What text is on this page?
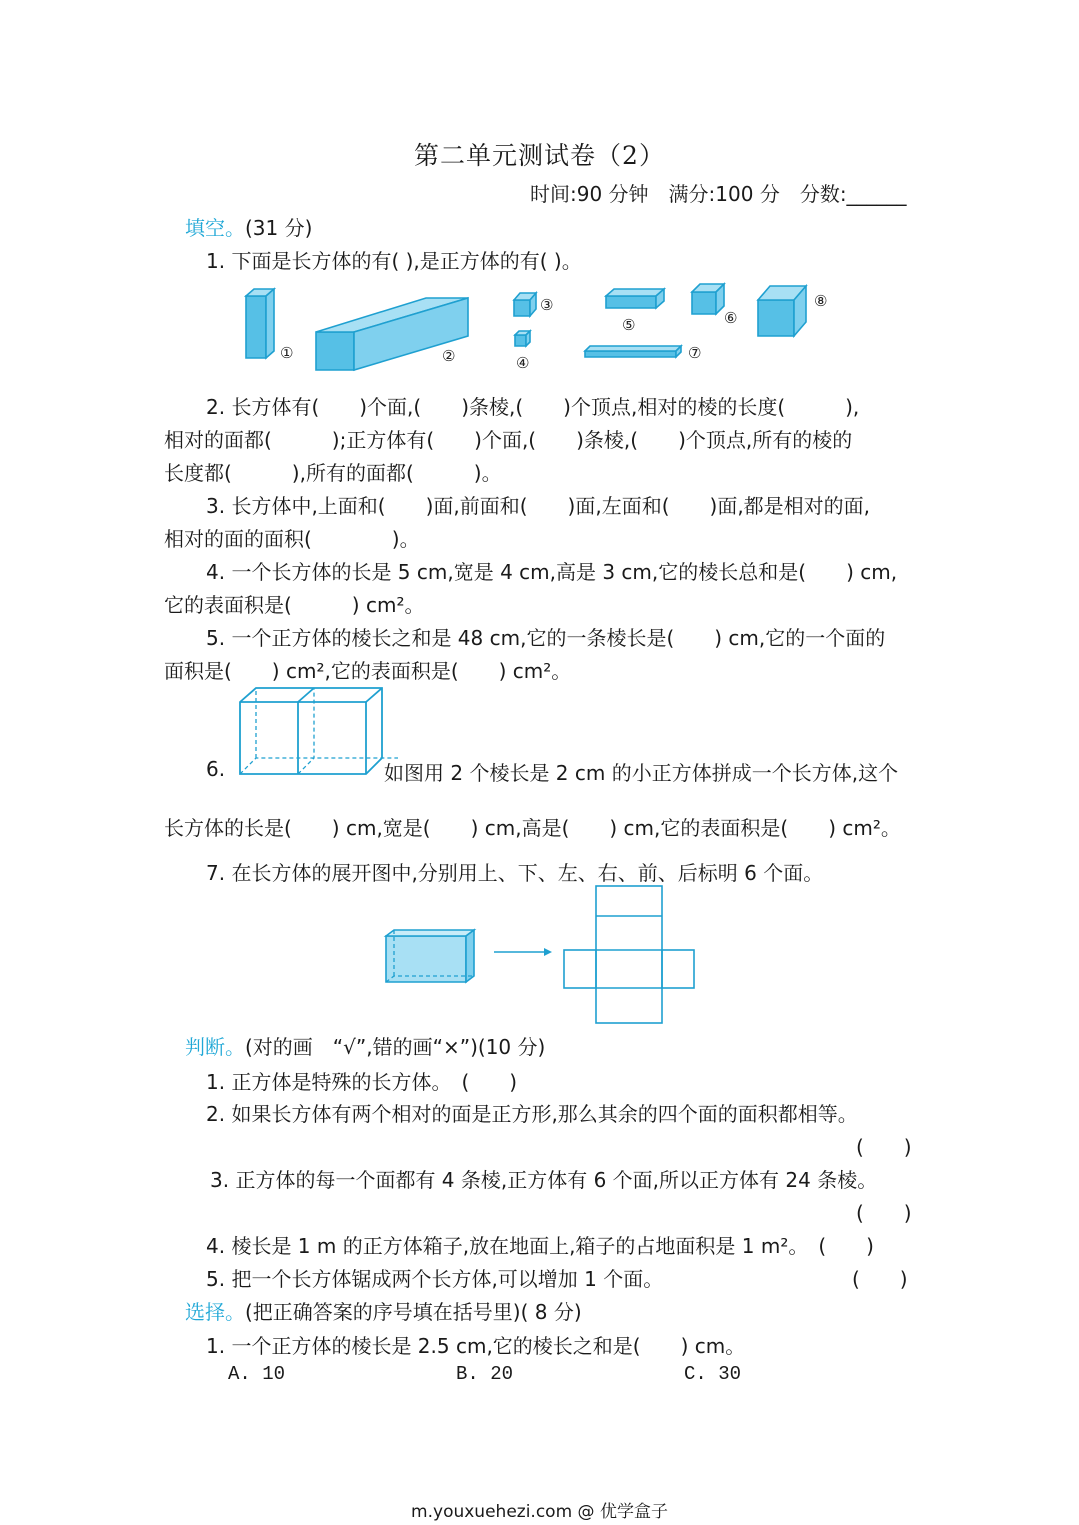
第二单元测试卷（2）
时间:90 分钟　满分:100 分　分数:______
填空。(31 分)
1. 下面是长方体的有( ),是正方体的有( )。
①	②
③
④
⑤	⑥
⑦
⑧
2. 长方体有(　　)个面,(　　)条棱,(　　)个顶点,相对的棱的长度(　　　),
相对的面都(　　　);正方体有(　　)个面,(　　)条棱,(　　)个顶点,所有的棱的
长度都(　　　),所有的面都(　　　)。
3. 长方体中,上面和(　　)面,前面和(　　)面,左面和(　　)面,都是相对的面,
相对的面的面积(　　　　)。
4. 一个长方体的长是 5 cm,宽是 4 cm,高是 3 cm,它的棱长总和是(　　) cm,
它的表面积是(　　　) cm²。
5. 一个正方体的棱长之和是 48 cm,它的一条棱长是(　　) cm,它的一个面的
面积是(　　) cm²,它的表面积是(　　) cm²。
6.	如图用 2 个棱长是 2 cm 的小正方体拼成一个长方体,这个
长方体的长是(　　) cm,宽是(　　) cm,高是(　　) cm,它的表面积是(　　) cm²。
7. 在长方体的展开图中,分别用上、下、左、右、前、后标明 6 个面。
判断。(对的画　“√”,错的画“×”)(10 分)
1. 正方体是特殊的长方体。　(　　)
2. 如果长方体有两个相对的面是正方形,那么其余的四个面的面积都相等。
(　　)
3. 正方体的每一个面都有 4 条棱,正方体有 6 个面,所以正方体有 24 条棱。
(　　)
4. 棱长是 1 m 的正方体箱子,放在地面上,箱子的占地面积是 1 m²。　(　　)
5. 把一个长方体锯成两个长方体,可以增加 1 个面。	(　　)
选择。(把正确答案的序号填在括号里)( 8 分)
1. 一个正方体的棱长是 2.5 cm,它的棱长之和是(　　) cm。
A. 10	B. 20	C. 30
m.youxuehezi.com @ 优学盒子
